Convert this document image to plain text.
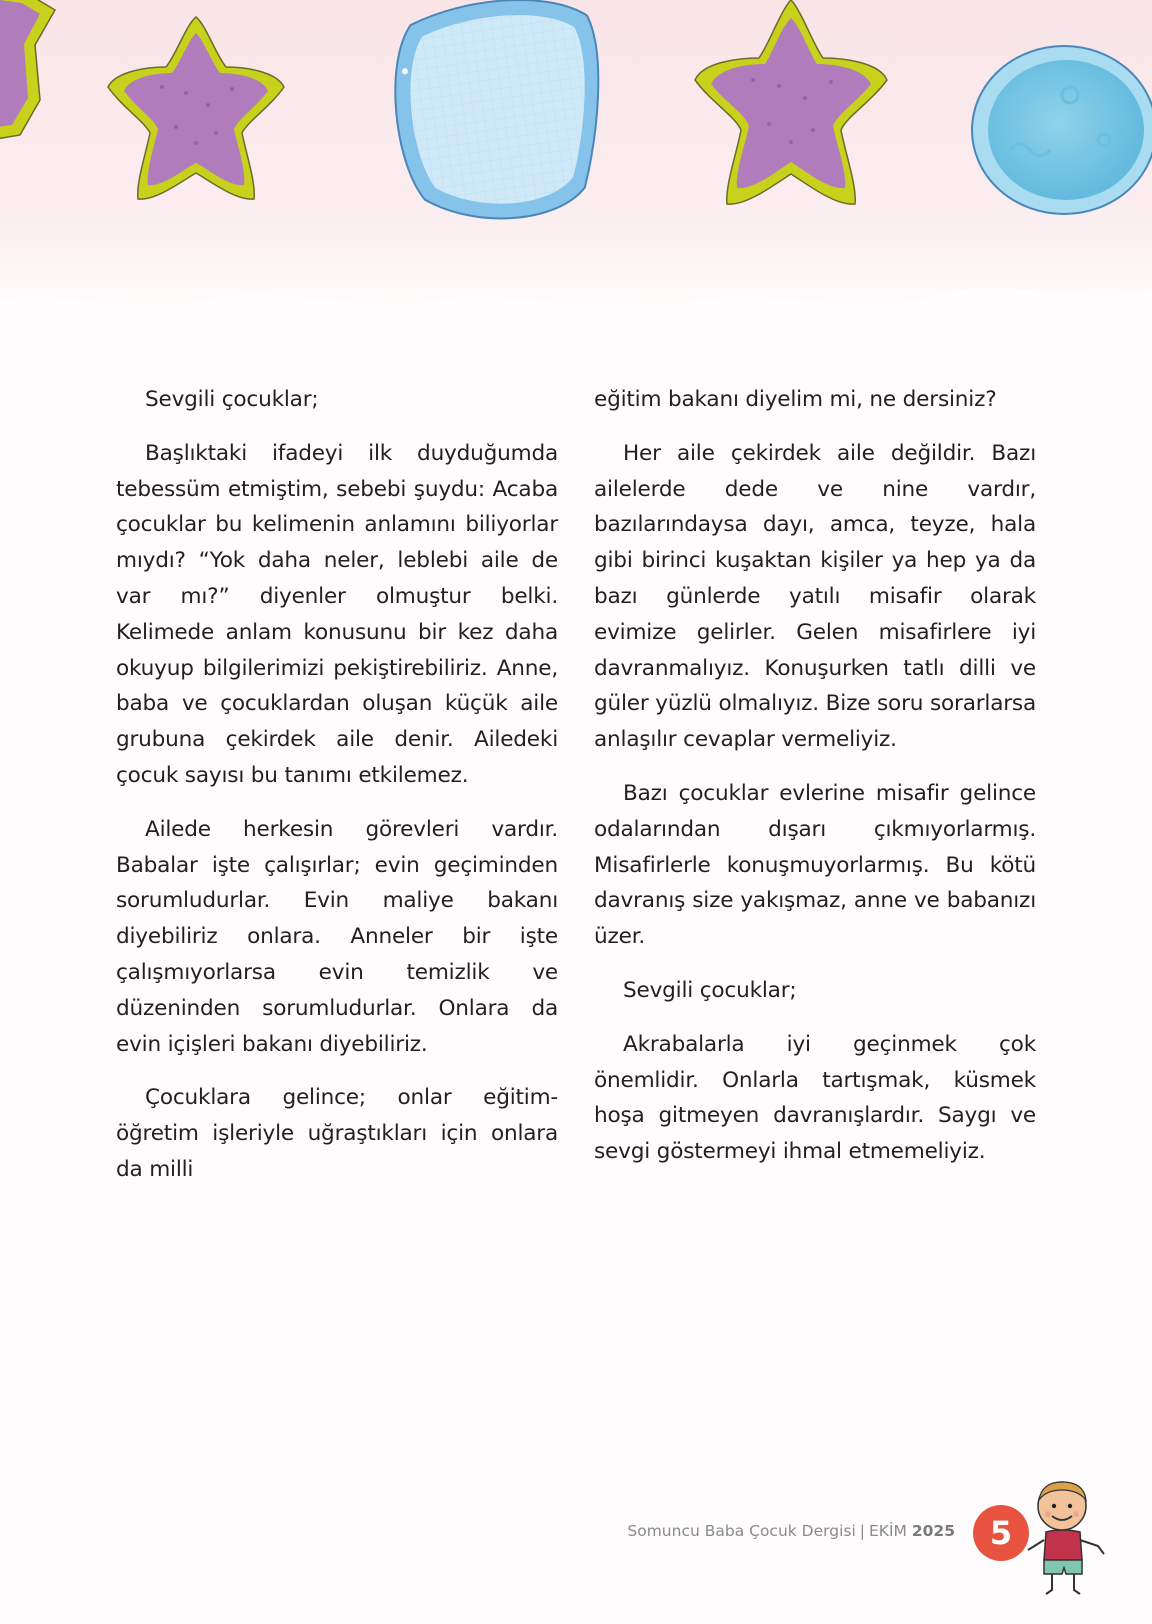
Sevgili çocuklar;

Başlıktaki ifadeyi ilk duyduğumda tebessüm etmiştim, sebebi şuydu: Acaba çocuklar bu kelimenin anlamını biliyorlar mıydı? “Yok daha neler, leblebi aile de var mı?” diyenler olmuştur belki. Kelimede anlam konusunu bir kez daha okuyup bilgilerimizi pekiştirebiliriz. Anne, baba ve çocuklardan oluşan küçük aile grubuna çekirdek aile denir. Ailedeki çocuk sayısı bu tanımı etkilemez.

Ailede herkesin görevleri vardır. Babalar işte çalışırlar; evin geçiminden sorumludurlar. Evin maliye bakanı diyebiliriz onlara. Anneler bir işte çalışmıyorlarsa evin temizlik ve düzeninden sorumludurlar. Onlara da evin içişleri bakanı diyebiliriz.

Çocuklara gelince; onlar eğitim-öğretim işleriyle uğraştıkları için onlara da milli

eğitim bakanı diyelim mi, ne dersiniz?

Her aile çekirdek aile değildir. Bazı ailelerde dede ve nine vardır, bazılarındaysa dayı, amca, teyze, hala gibi birinci kuşaktan kişiler ya hep ya da bazı günlerde yatılı misafir olarak evimize gelirler. Gelen misafirlere iyi davranmalıyız. Konuşurken tatlı dilli ve güler yüzlü olmalıyız. Bize soru sorarlarsa anlaşılır cevaplar vermeliyiz.

Bazı çocuklar evlerine misafir gelince odalarından dışarı çıkmıyorlarmış. Misafirlerle konuşmuyorlarmış. Bu kötü davranış size yakışmaz, anne ve babanızı üzer.

Sevgili çocuklar;

Akrabalarla iyi geçinmek çok önemlidir. Onlarla tartışmak, küsmek hoşa gitmeyen davranışlardır. Saygı ve sevgi göstermeyi ihmal etmemeliyiz.

Somuncu Baba Çocuk Dergisi | EKİM 2025	5
